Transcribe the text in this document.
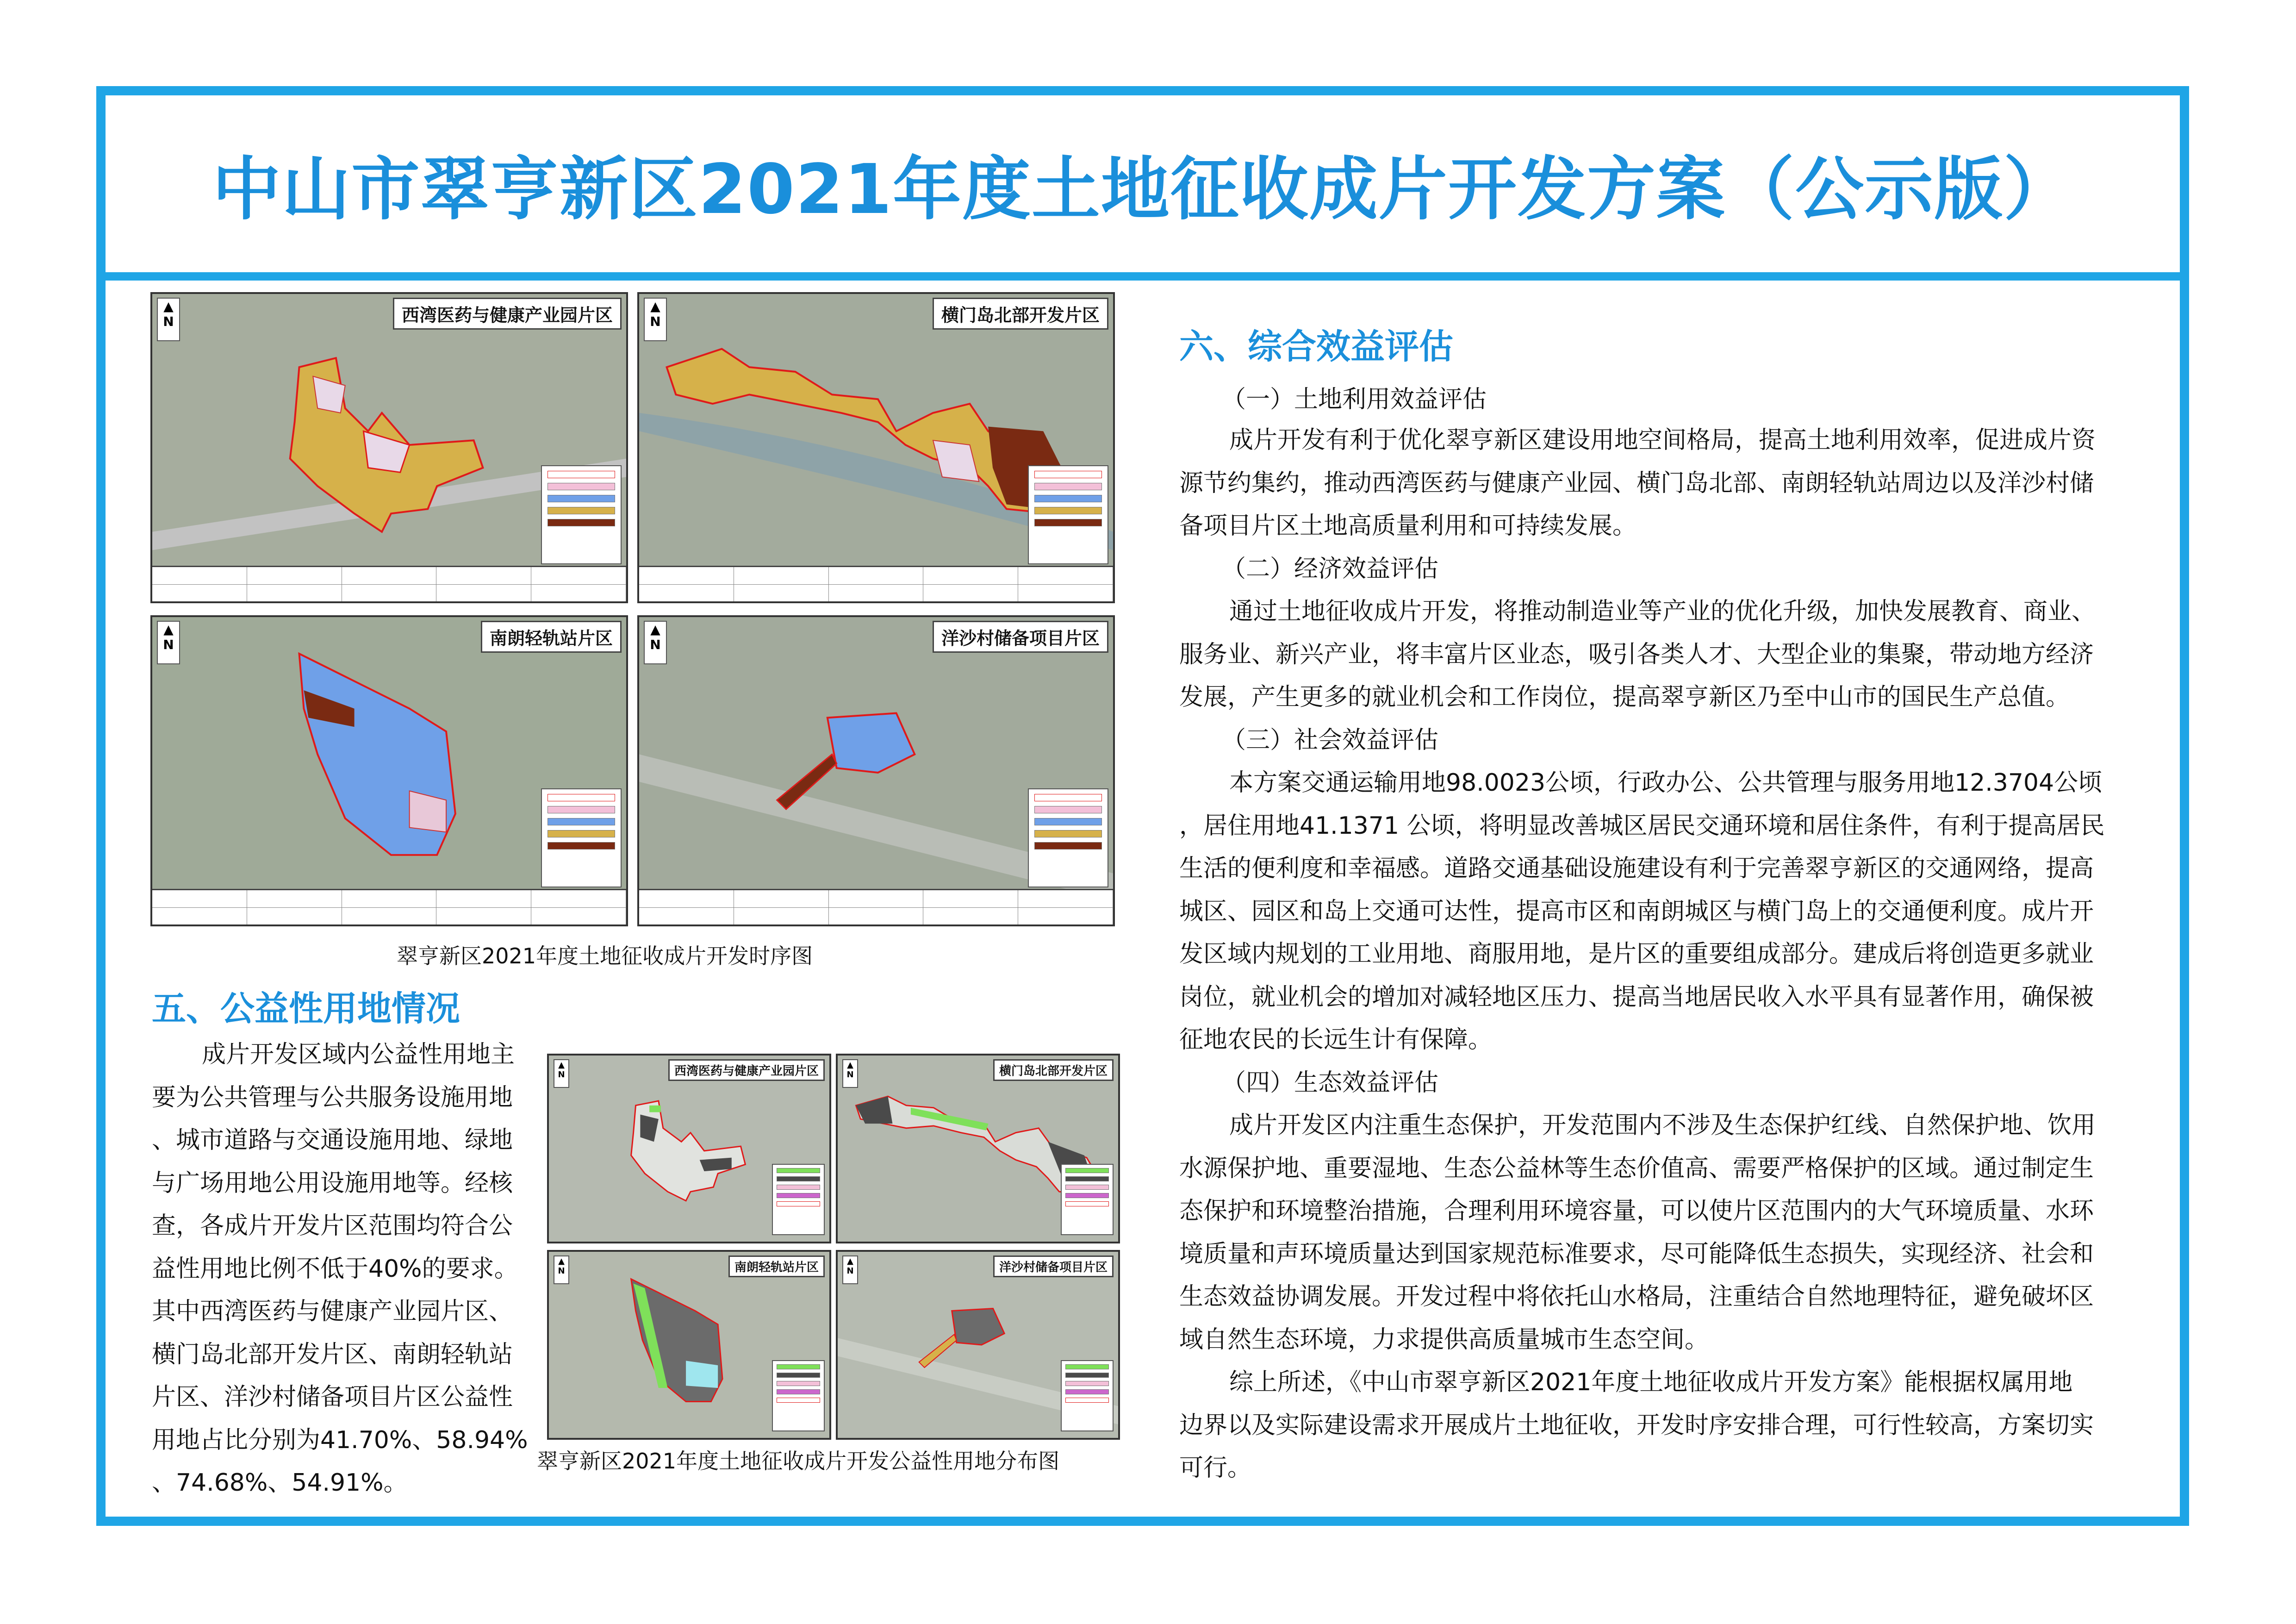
中山市翠亨新区2021年度土地征收成片开发方案（公示版）
▲
N	西湾医药与健康产业园片区	▲
N	横门岛北部开发片区
▲
N	南朗轻轨站片区	▲
N	洋沙村储备项目片区
翠亨新区2021年度土地征收成片开发时序图
五、公益性用地情况
成片开发区域内公益性用地主
要为公共管理与公共服务设施用地
、城市道路与交通设施用地、绿地
与广场用地公用设施用地等。经核
查，各成片开发片区范围均符合公
益性用地比例不低于40%的要求。
其中西湾医药与健康产业园片区、
横门岛北部开发片区、南朗轻轨站
片区、洋沙村储备项目片区公益性
用地占比分别为41.70%、58.94%
、74.68%、54.91%。
▲
N	西湾医药与健康产业园片区	▲
N	横门岛北部开发片区
▲
N	南朗轻轨站片区	▲
N	洋沙村储备项目片区
翠亨新区2021年度土地征收成片开发公益性用地分布图
六、综合效益评估
（一）土地利用效益评估
成片开发有利于优化翠亨新区建设用地空间格局，提高土地利用效率，促进成片资
源节约集约，推动西湾医药与健康产业园、横门岛北部、南朗轻轨站周边以及洋沙村储
备项目片区土地高质量利用和可持续发展。
（二）经济效益评估
通过土地征收成片开发，将推动制造业等产业的优化升级，加快发展教育、商业、
服务业、新兴产业，将丰富片区业态，吸引各类人才、大型企业的集聚，带动地方经济
发展，产生更多的就业机会和工作岗位，提高翠亨新区乃至中山市的国民生产总值。
（三）社会效益评估
本方案交通运输用地98.0023公顷，行政办公、公共管理与服务用地12.3704公顷
，居住用地41.1371 公顷，将明显改善城区居民交通环境和居住条件，有利于提高居民
生活的便利度和幸福感。道路交通基础设施建设有利于完善翠亨新区的交通网络，提高
城区、园区和岛上交通可达性，提高市区和南朗城区与横门岛上的交通便利度。成片开
发区域内规划的工业用地、商服用地，是片区的重要组成部分。建成后将创造更多就业
岗位，就业机会的增加对减轻地区压力、提高当地居民收入水平具有显著作用，确保被
征地农民的长远生计有保障。
（四）生态效益评估
成片开发区内注重生态保护，开发范围内不涉及生态保护红线、自然保护地、饮用
水源保护地、重要湿地、生态公益林等生态价值高、需要严格保护的区域。通过制定生
态保护和环境整治措施，合理利用环境容量，可以使片区范围内的大气环境质量、水环
境质量和声环境质量达到国家规范标准要求，尽可能降低生态损失，实现经济、社会和
生态效益协调发展。开发过程中将依托山水格局，注重结合自然地理特征，避免破坏区
域自然生态环境，力求提供高质量城市生态空间。
综上所述，《中山市翠亨新区2021年度土地征收成片开发方案》能根据权属用地
边界以及实际建设需求开展成片土地征收，开发时序安排合理，可行性较高，方案切实
可行。
